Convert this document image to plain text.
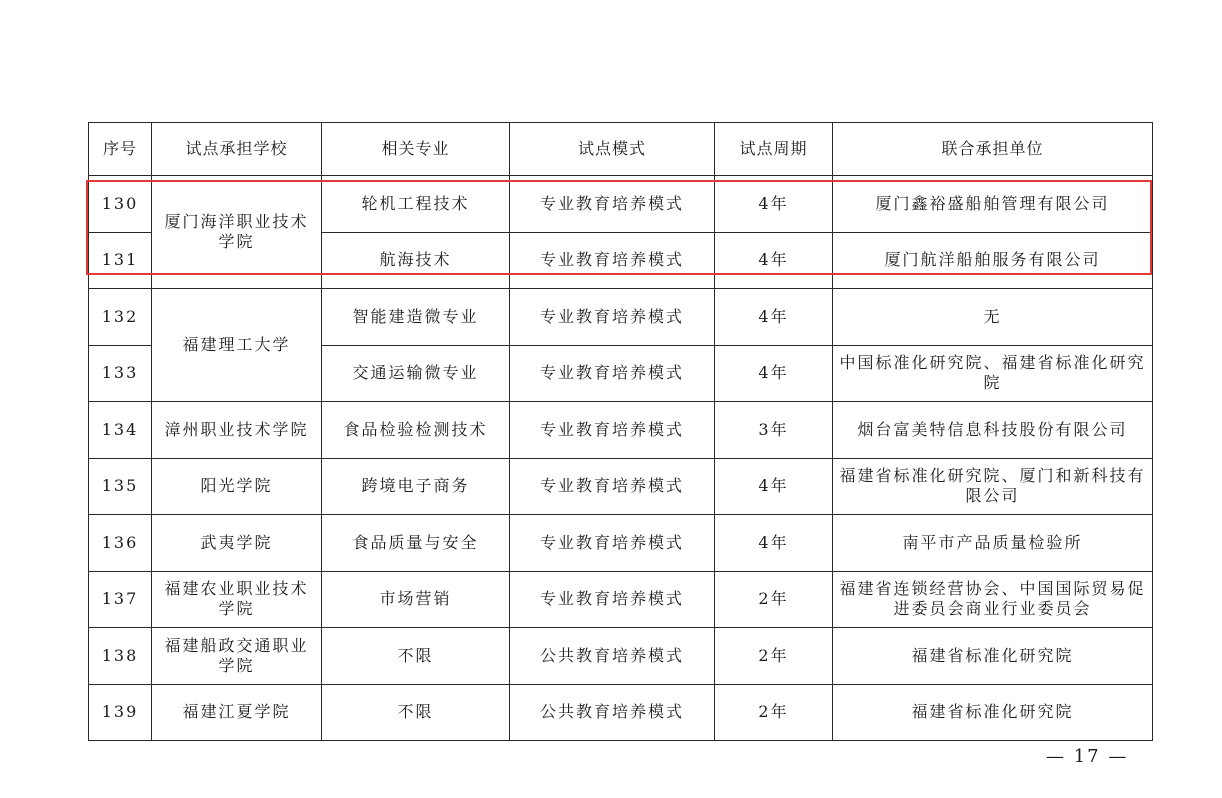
序号	试点承担学校	相关专业	试点模式	试点周期	联合承担单位
130	厦门海洋职业技术学院	轮机工程技术	专业教育培养模式	4年	厦门鑫裕盛船舶管理有限公司
131		航海技术	专业教育培养模式	4年	厦门航洋船舶服务有限公司
132	福建理工大学	智能建造微专业	专业教育培养模式	4年	无
133		交通运输微专业	专业教育培养模式	4年	中国标准化研究院、福建省标准化研究院
134	漳州职业技术学院	食品检验检测技术	专业教育培养模式	3年	烟台富美特信息科技股份有限公司
135	阳光学院	跨境电子商务	专业教育培养模式	4年	福建省标准化研究院、厦门和新科技有限公司
136	武夷学院	食品质量与安全	专业教育培养模式	4年	南平市产品质量检验所
137	福建农业职业技术学院	市场营销	专业教育培养模式	2年	福建省连锁经营协会、中国国际贸易促进委员会商业行业委员会
138	福建船政交通职业学院	不限	公共教育培养模式	2年	福建省标准化研究院
139	福建江夏学院	不限	公共教育培养模式	2年	福建省标准化研究院
— 17 —
